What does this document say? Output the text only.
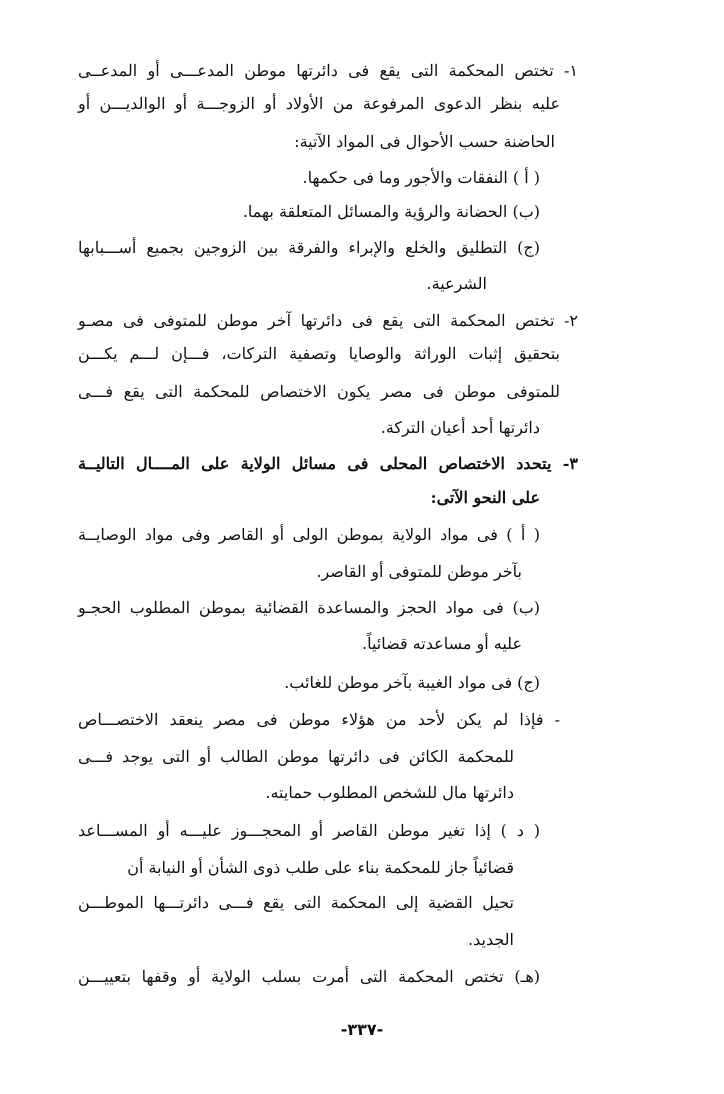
١- تختص المحكمة التى يقع فى دائرتها موطن المدعـــى أو المدعــى
عليه بنظر الدعوى المرفوعة من الأولاد أو الزوجـــة أو الوالديـــن أو
الحاضنة حسب الأحوال فى المواد الآتية:
( أ ) النفقات والأجور وما فى حكمها.
(ب) الحضانة والرؤية والمسائل المتعلقة بهما.
(ج) التطليق والخلع والإبراء والفرقة بين الزوجين بجميع أســـبابها
الشرعية.
٢- تختص المحكمة التى يقع فى دائرتها آخر موطن للمتوفى فى مصـو
بتحقيق إثبات الوراثة والوصايا وتصفية التركات، فـــإن لـــم يكـــن
للمتوفى موطن فى مصر يكون الاختصاص للمحكمة التى يقع فـــى
دائرتها أحد أعيان التركة.
٣- يتحدد الاختصاص المحلى فى مسائل الولاية على المــــال التاليــة
على النحو الآتى:
( أ ) فى مواد الولاية بموطن الولى أو القاصر وفى مواد الوصايــة
بآخر موطن للمتوفى أو القاصر.
(ب) فى مواد الحجز والمساعدة القضائية بموطن المطلوب الحجـو
عليه أو مساعدته قضائياً.
(ج) فى مواد الغيبة بآخر موطن للغائب.
- فإذا لم يكن لأحد من هؤلاء موطن فى مصر ينعقد الاختصـــاص
للمحكمة الكائن فى دائرتها موطن الطالب أو التى يوجد فـــى
دائرتها مال للشخص المطلوب حمايته.
( د ) إذا تغير موطن القاصر أو المحجـــوز عليـــه أو المســـاعد
قضائياً جاز للمحكمة بناء على طلب ذوى الشأن أو النيابة أن
تحيل القضية إلى المحكمة التى يقع فـــى دائرتـــها الموطـــن
الجديد.
(هـ) تختص المحكمة التى أمرت بسلب الولاية أو وقفها بتعييـــن
-٣٣٧-
